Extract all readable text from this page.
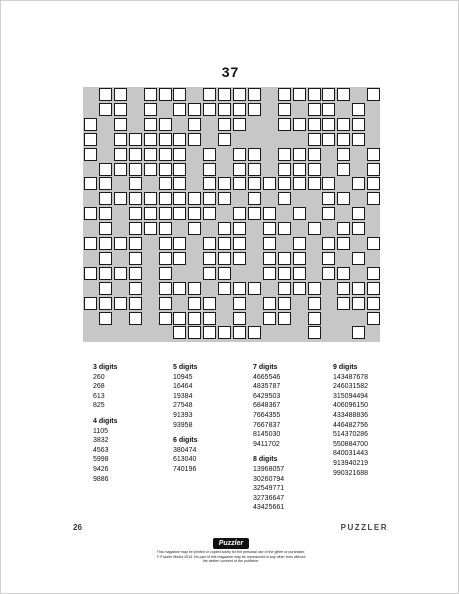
37
3 digits
260
268
613
825
4 digits
1105
3832
4563
5998
9426
9886
5 digits
10945
16464
19384
27548
91393
93958
6 digits
380474
613040
740196
7 digits
4665546
4835787
6429503
6848367
7664355
7667837
8145030
9411702
8 digits
13968057
30260794
32549771
32736647
43425661
9 digits
143487678
246031582
315094494
406096150
433488836
446482756
514370286
550884700
840031443
913940219
990321688
26	PUZZLER
Puzzler
This magazine may be printed or copied solely for the personal use of the giftee or purchaser.
© Puzzler Media 2014. No part of this magazine may be reproduced in any other form without
the written consent of the publisher.
